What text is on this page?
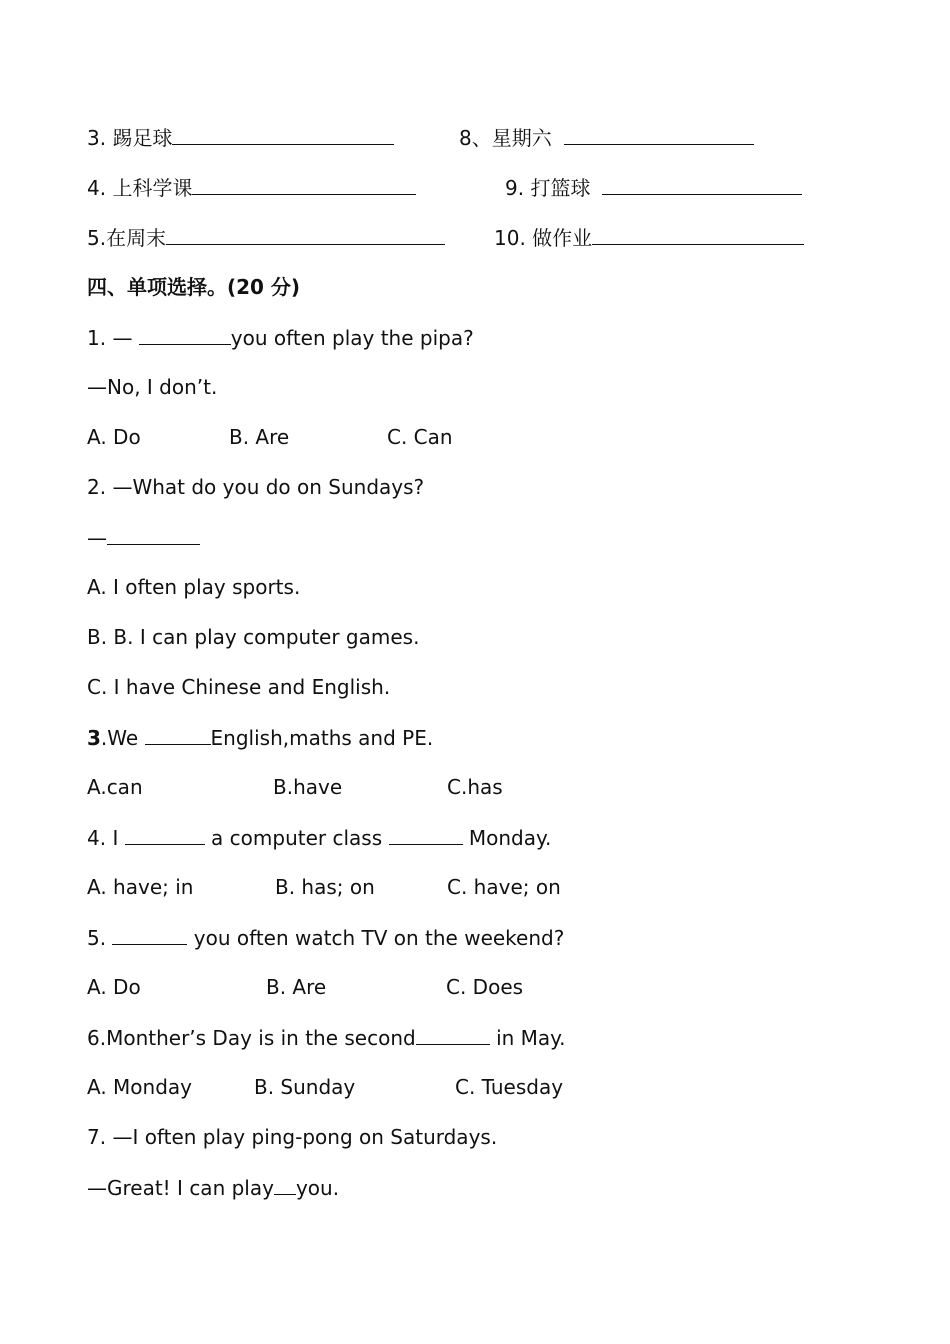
3. 踢足球	8、星期六
4. 上科学课	9. 打篮球
5.在周末	10. 做作业
四、单项选择。(20 分)
1. —	you often play the pipa?
—No, I don’t.
A. Do	B. Are	C. Can
2. —What do you do on Sundays?
—
A. I often play sports.
B. B. I can play computer games.
C. I have Chinese and English.
3.We	English,maths and PE.
A.can	B.have	C.has
4. I	a computer class	Monday.
A. have; in	B. has; on	C. have; on
5.	you often watch TV on the weekend?
A. Do	B. Are	C. Does
6.Monther’s Day is in the second	in May.
A. Monday	B. Sunday	C. Tuesday
7. —I often play ping-pong on Saturdays.
—Great! I can play you.
